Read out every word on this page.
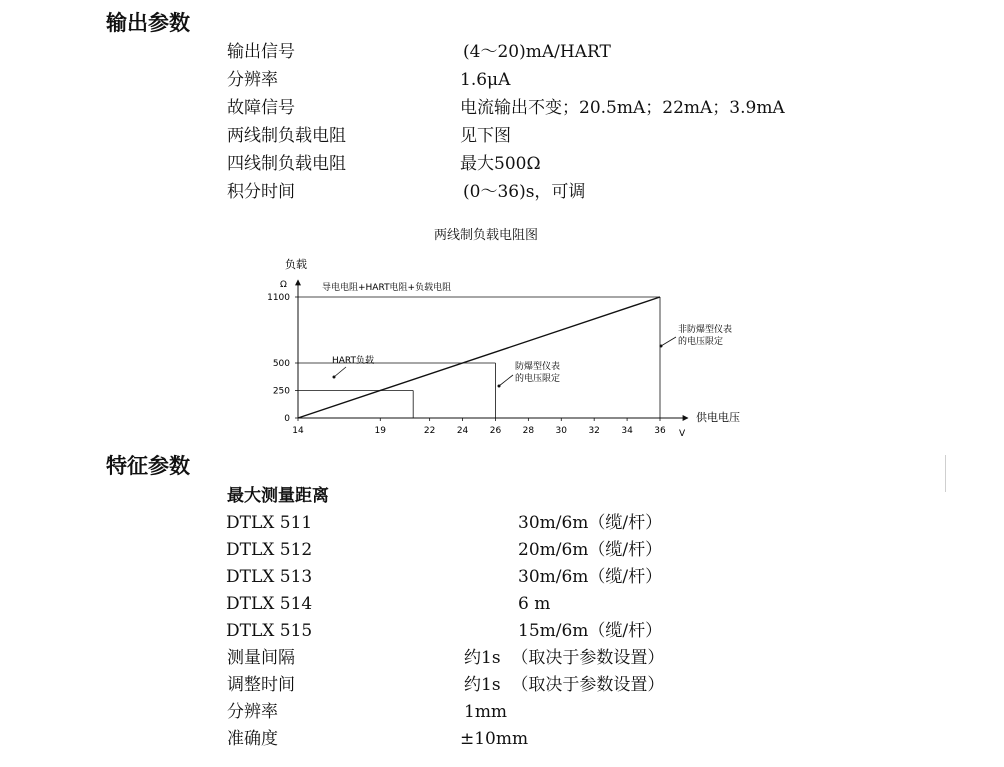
输出参数
输出信号	(4～20)mA/HART
分辨率	1.6μA
故障信号	电流输出不变；20.5mA；22mA；3.9mA
两线制负载电阻	见下图
四线制负载电阻	最大500Ω
积分时间	(0～36)s，可调
两线制负载电阻图
14	19	22 24 26 28 30 32 34 36
0
250
500
1100
负载
Ω
供电电压
V
导电电阻+HART电阻+负载电阻
HART负载
防爆型仪表
的电压限定
非防爆型仪表
的电压限定
特征参数
最大测量距离
DTLX 511	30m/6m（缆/杆）
DTLX 512	20m/6m（缆/杆）
DTLX 513	30m/6m（缆/杆）
DTLX 514	6 m
DTLX 515	15m/6m（缆/杆）
测量间隔	约1s  （取决于参数设置）
调整时间	约1s  （取决于参数设置）
分辨率	1mm
准确度	±10mm
